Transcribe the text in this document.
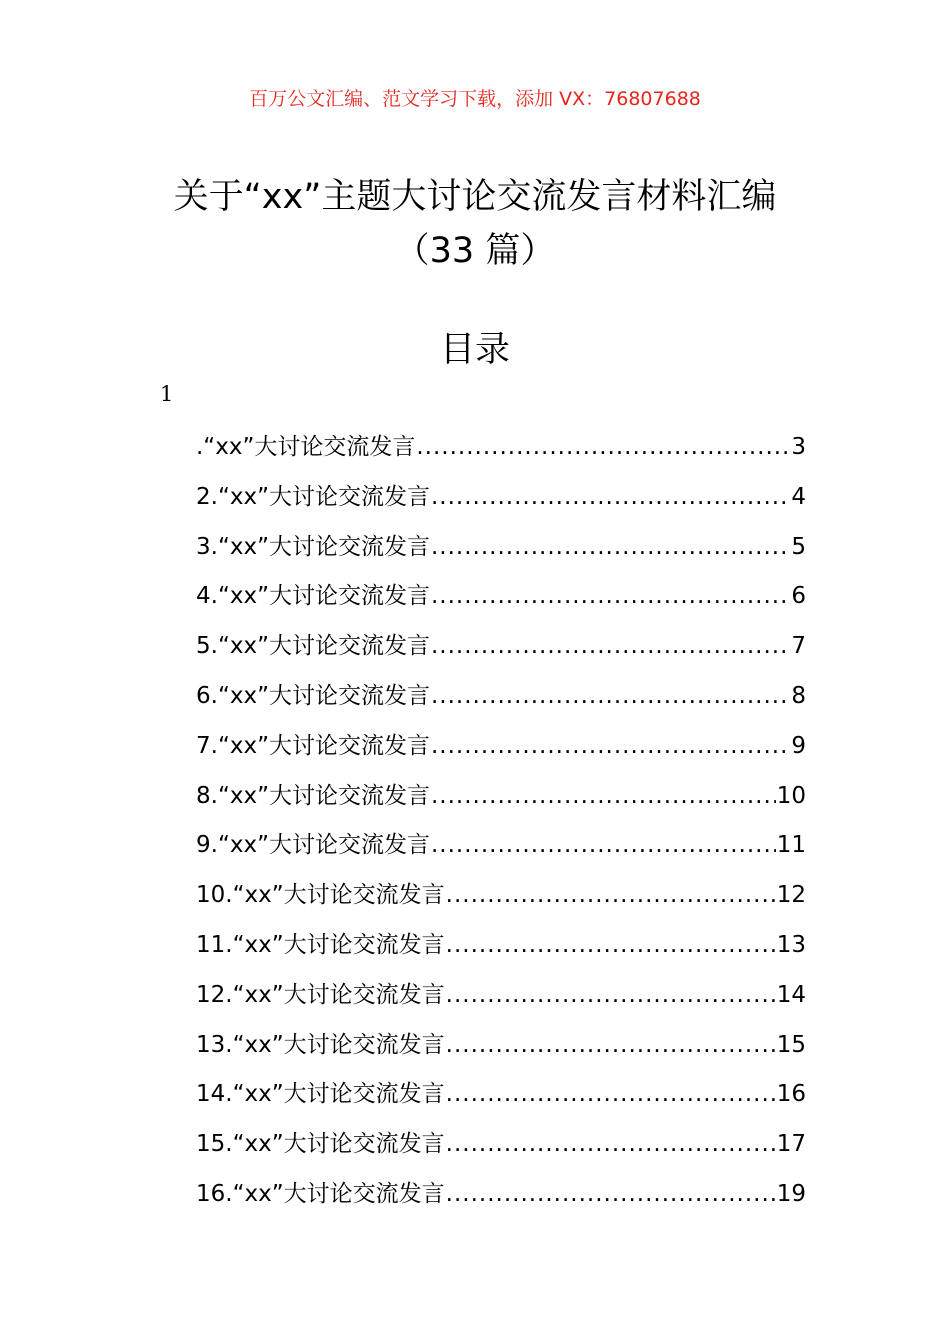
百万公文汇编、范文学习下载，添加 VX：76807688
关于“xx”主题大讨论交流发言材料汇编
（33 篇）
目录
1
.“xx”大讨论交流发言 .....	3
2.“xx”大讨论交流发言 .....	4
3.“xx”大讨论交流发言 .....	5
4.“xx”大讨论交流发言 .....	6
5.“xx”大讨论交流发言 .....	7
6.“xx”大讨论交流发言 .....	8
7.“xx”大讨论交流发言 .....	9
8.“xx”大讨论交流发言 .....	10
9.“xx”大讨论交流发言 .....	11
10.“xx”大讨论交流发言 .....	12
11.“xx”大讨论交流发言 .....	13
12.“xx”大讨论交流发言 .....	14
13.“xx”大讨论交流发言 .....	15
14.“xx”大讨论交流发言 .....	16
15.“xx”大讨论交流发言 .....	17
16.“xx”大讨论交流发言 .....	19
